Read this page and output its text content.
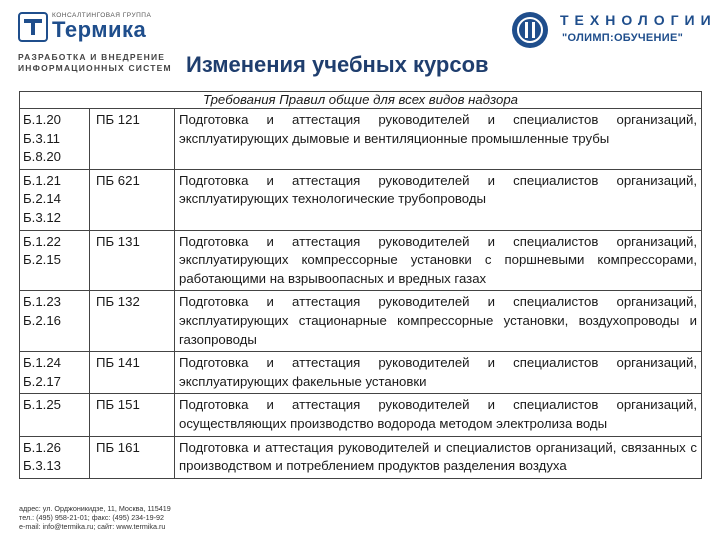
КОНСАЛТИНГОВАЯ ГРУППА
Термика
РАЗРАБОТКА И ВНЕДРЕНИЕ
ИНФОРМАЦИОННЫХ СИСТЕМ
ТЕХНОЛОГИИ
"ОЛИМП:ОБУЧЕНИЕ"
Изменения учебных курсов
Требования Правил общие для всех видов надзора		

Б.1.20
Б.3.11
Б.8.20	ПБ 121	Подготовка и аттестация руководителей и специалистов организаций, эксплуатирующих дымовые и вентиляционные промышленные трубы

Б.1.21
Б.2.14
Б.3.12	ПБ 621	Подготовка и аттестация руководителей и специалистов организаций, эксплуатирующих технологические трубопроводы

Б.1.22
Б.2.15	ПБ 131	Подготовка и аттестация руководителей и специалистов организаций, эксплуатирующих компрессорные установки с поршневыми компрессорами, работающими на взрывоопасных и вредных газах

Б.1.23
Б.2.16	ПБ 132	Подготовка и аттестация руководителей и специалистов организаций, эксплуатирующих стационарные компрессорные установки, воздухопроводы и газопроводы

Б.1.24
Б.2.17	ПБ 141	Подготовка и аттестация руководителей и специалистов организаций, эксплуатирующих факельные установки

Б.1.25	ПБ 151	Подготовка и аттестация руководителей и специалистов организаций, осуществляющих производство водорода методом электролиза воды

Б.1.26
Б.3.13	ПБ 161	Подготовка и аттестация руководителей и специалистов организаций, связанных с производством и потреблением продуктов разделения воздуха
адрес: ул. Орджоникидзе, 11, Москва, 115419
тел.: (495) 958-21-01; факс: (495) 234-19-92
e-mail: info@termika.ru; сайт: www.termika.ru
